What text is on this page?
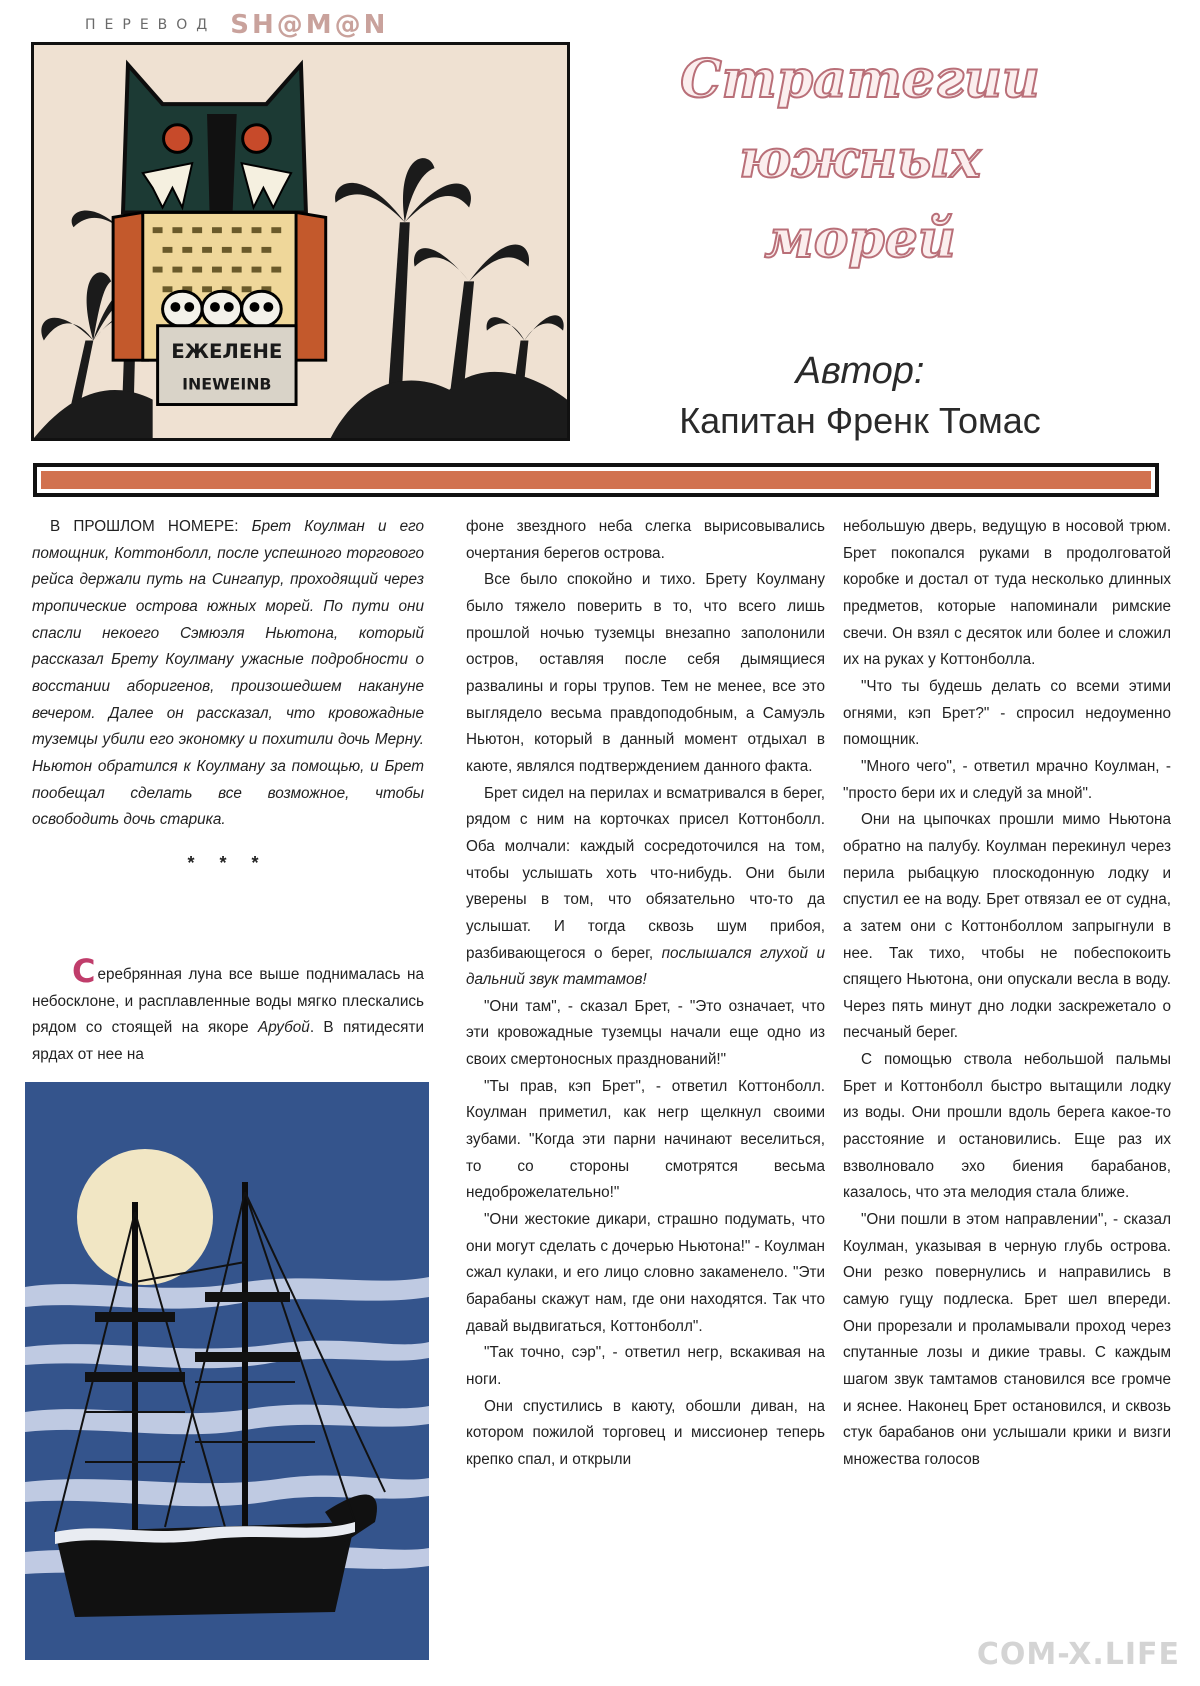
ПЕРЕВОД SH@M@N
ЕЖЕЛЕНЕ
INEWEINB
Стратегии южных
морей
Автор:
Капитан Френк Томас

В ПРОШЛОМ НОМЕРЕ: Брет Коулман и его помощник, Коттонболл, после успешного торгового рейса держали путь на Сингапур, проходящий через тропические острова южных морей. По пути они спасли некоего Сэмюэля Ньютона, который рассказал Брету Коулману ужасные подробности о восстании аборигенов, произошедшем накануне вечером. Далее он рассказал, что кровожадные туземцы убили его экономку и похитили дочь Мерну. Ньютон обратился к Коулману за помощью, и Брет пообещал сделать все возможное, чтобы освободить дочь старика.

* * *

Серебрянная луна все выше поднималась на небосклоне, и расплавленные воды мягко плескались рядом со стоящей на якоре Арубой. В пятидесяти ярдах от нее на

фоне звездного неба слегка вырисовывались очертания берегов острова.

Все было спокойно и тихо. Брету Коулману было тяжело поверить в то, что всего лишь прошлой ночью туземцы внезапно заполонили остров, оставляя после себя дымящиеся развалины и горы трупов. Тем не менее, все это выглядело весьма правдоподобным, а Самуэль Ньютон, который в данный момент отдыхал в каюте, являлся подтверждением данного факта.

Брет сидел на перилах и всматривался в берег, рядом с ним на корточках присел Коттонболл. Оба молчали: каждый сосредоточился на том, чтобы услышать хоть что-нибудь. Они были уверены в том, что обязательно что-то да услышат. И тогда сквозь шум прибоя, разбивающегося о берег, послышался глухой и дальний звук тамтамов!

"Они там", - сказал Брет, - "Это означает, что эти кровожадные туземцы начали еще одно из своих смертоносных празднований!"

"Ты прав, кэп Брет", - ответил Коттонболл. Коулман приметил, как негр щелкнул своими зубами. "Когда эти парни начинают веселиться, то со стороны смотрятся весьма недоброжелательно!"

"Они жестокие дикари, страшно подумать, что они могут сделать с дочерью Ньютона!" - Коулман сжал кулаки, и его лицо словно закаменело. "Эти барабаны скажут нам, где они находятся. Так что давай выдвигаться, Коттонболл".

"Так точно, сэр", - ответил негр, вскакивая на ноги.

Они спустились в каюту, обошли диван, на котором пожилой торговец и миссионер теперь крепко спал, и открыли

небольшую дверь, ведущую в носовой трюм. Брет покопался руками в продолговатой коробке и достал от туда несколько длинных предметов, которые напоминали римские свечи. Он взял с десяток или более и сложил их на руках у Коттонболла.

"Что ты будешь делать со всеми этими огнями, кэп Брет?" - спросил недоуменно помощник.

"Много чего", - ответил мрачно Коулман, - "просто бери их и следуй за мной".

Они на цыпочках прошли мимо Ньютона обратно на палубу. Коулман перекинул через перила рыбацкую плоскодонную лодку и спустил ее на воду. Брет отвязал ее от судна, а затем они с Коттонболлом запрыгнули в нее. Так тихо, чтобы не побеспокоить спящего Ньютона, они опускали весла в воду. Через пять минут дно лодки заскрежетало о песчаный берег.

С помощью ствола небольшой пальмы Брет и Коттонболл быстро вытащили лодку из воды. Они прошли вдоль берега какое-то расстояние и остановились. Еще раз их взволновало эхо биения барабанов, казалось, что эта мелодия стала ближе.

"Они пошли в этом направлении", - сказал Коулман, указывая в черную глубь острова. Они резко повернулись и направились в самую гущу подлеска. Брет шел впереди. Они прорезали и проламывали проход через спутанные лозы и дикие травы. С каждым шагом звук тамтамов становился все громче и яснее. Наконец Брет остановился, и сквозь стук барабанов они услышали крики и визги множества голосов

COM-X.LIFE
